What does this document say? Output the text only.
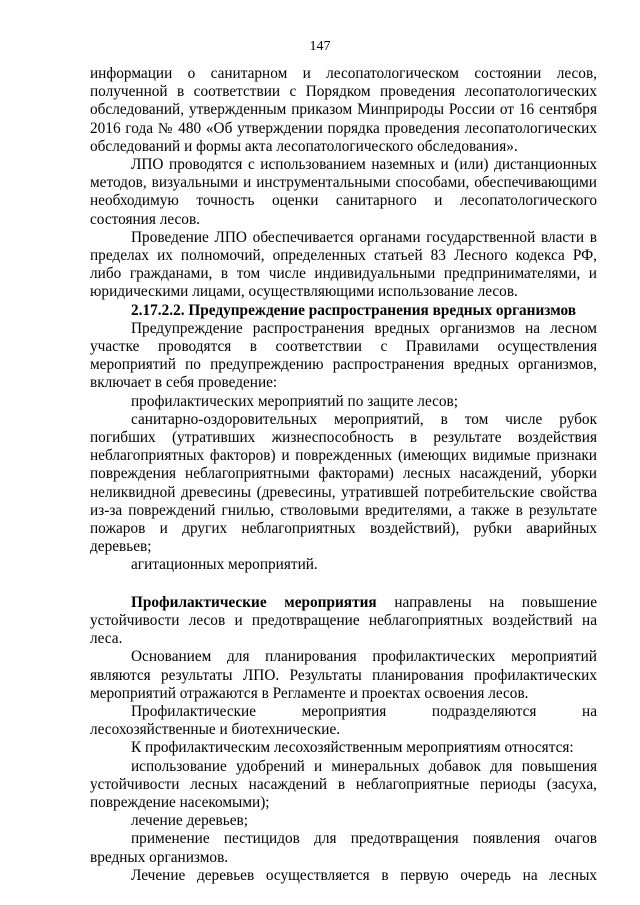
147

информации о санитарном и лесопатологическом состоянии лесов, полученной в соответствии с Порядком проведения лесопатологических обследований, утвержденным приказом Минприроды России от 16 сентября 2016 года № 480 «Об утверждении порядка проведения лесопатологических обследований и формы акта лесопатологического обследования».

ЛПО проводятся с использованием наземных и (или) дистанционных методов, визуальными и инструментальными способами, обеспечивающими необходимую точность оценки санитарного и лесопатологического состояния лесов.

Проведение ЛПО обеспечивается органами государственной власти в пределах их полномочий, определенных статьей 83 Лесного кодекса РФ, либо гражданами, в том числе индивидуальными предпринимателями, и юридическими лицами, осуществляющими использование лесов.

2.17.2.2. Предупреждение распространения вредных организмов

Предупреждение распространения вредных организмов на лесном участке проводятся в соответствии с Правилами осуществления мероприятий по предупреждению распространения вредных организмов, включает в себя проведение:

профилактических мероприятий по защите лесов;

санитарно-оздоровительных мероприятий, в том числе рубок погибших (утративших жизнеспособность в результате воздействия неблагоприятных факторов) и поврежденных (имеющих видимые признаки повреждения неблагоприятными факторами) лесных насаждений, уборки неликвидной древесины (древесины, утратившей потребительские свойства из-за повреждений гнилью, стволовыми вредителями, а также в результате пожаров и других неблагоприятных воздействий), рубки аварийных деревьев;

агитационных мероприятий.

Профилактические мероприятия направлены на повышение устойчивости лесов и предотвращение неблагоприятных воздействий на леса.

Основанием для планирования профилактических мероприятий являются результаты ЛПО. Результаты планирования профилактических мероприятий отражаются в Регламенте и проектах освоения лесов.

Профилактические мероприятия подразделяются на лесохозяйственные и биотехнические.

К профилактическим лесохозяйственным мероприятиям относятся:

использование удобрений и минеральных добавок для повышения устойчивости лесных насаждений в неблагоприятные периоды (засуха, повреждение насекомыми);

лечение деревьев;

применение пестицидов для предотвращения появления очагов вредных организмов.

Лечение деревьев осуществляется в первую очередь на лесных
